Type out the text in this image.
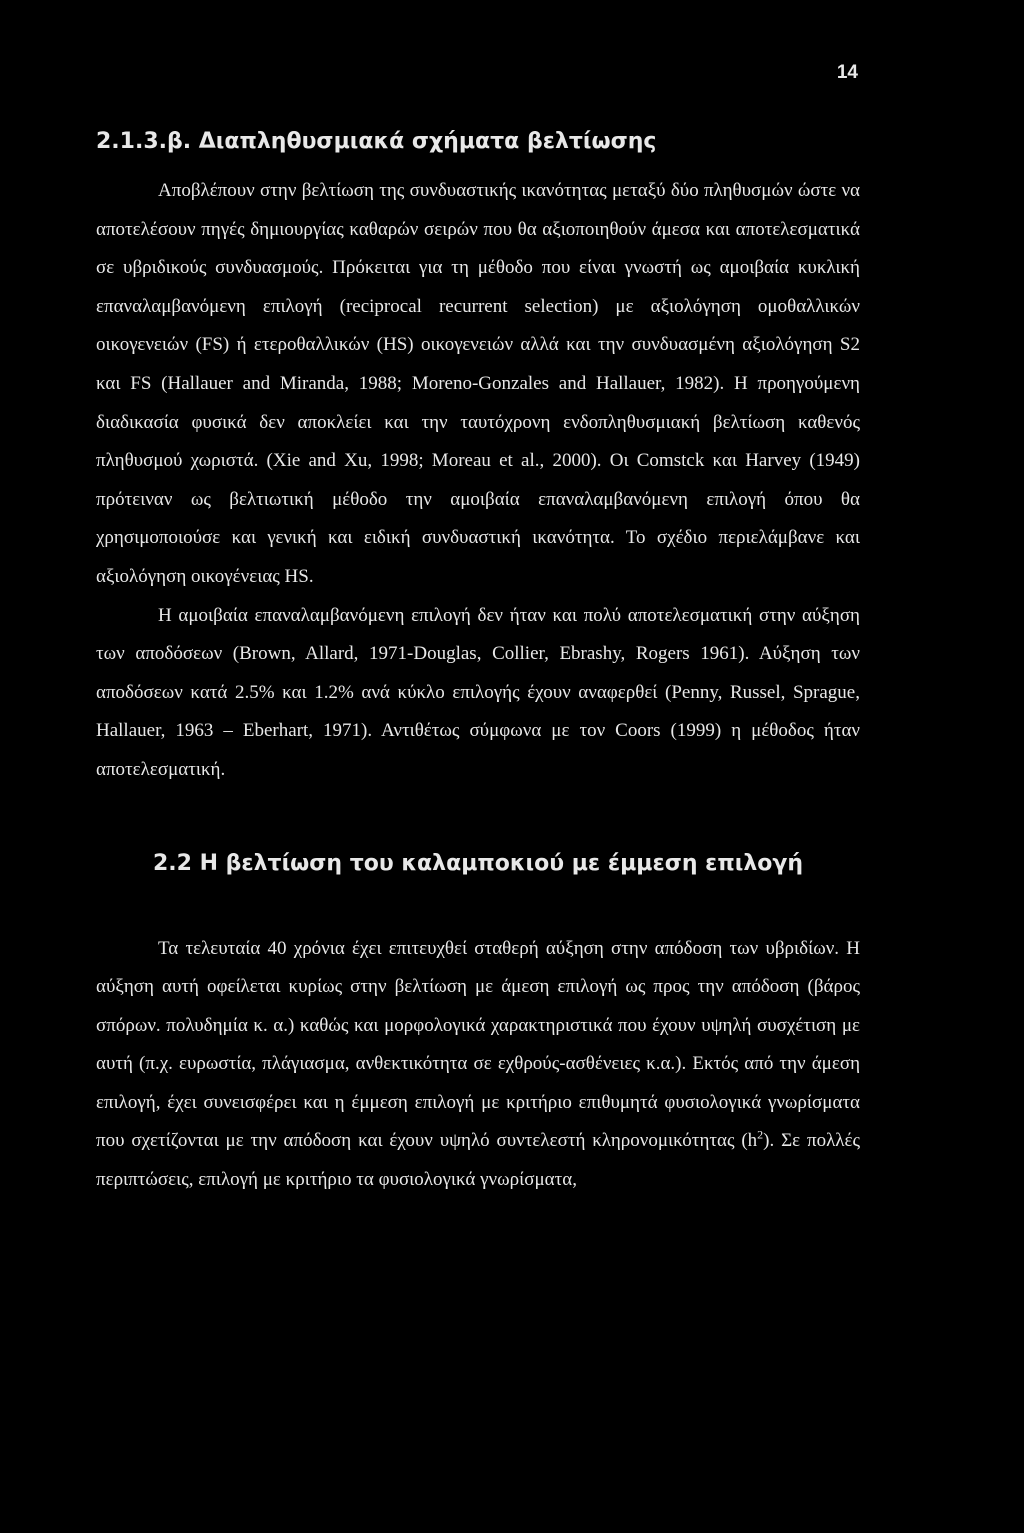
14
2.1.3.β. Διαπληθυσμιακά σχήματα βελτίωσης

Αποβλέπουν στην βελτίωση της συνδυαστικής ικανότητας μεταξύ δύο πληθυσμών ώστε να αποτελέσουν πηγές δημιουργίας καθαρών σειρών που θα αξιοποιηθούν άμεσα και αποτελεσματικά σε υβριδικούς συνδυασμούς. Πρόκειται για τη μέθοδο που είναι γνωστή ως αμοιβαία κυκλική επαναλαμβανόμενη επιλογή (reciprocal recurrent selection) με αξιολόγηση ομοθαλλικών οικογενειών (FS) ή ετεροθαλλικών (HS) οικογενειών αλλά και την συνδυασμένη αξιολόγηση S2 και FS (Hallauer and Miranda, 1988; Moreno-Gonzales and Hallauer, 1982). Η προηγούμενη διαδικασία φυσικά δεν αποκλείει και την ταυτόχρονη ενδοπληθυσμιακή βελτίωση καθενός πληθυσμού χωριστά. (Xie and Xu, 1998; Moreau et al., 2000). Οι Comstck και Harvey (1949) πρότειναν ως βελτιωτική μέθοδο την αμοιβαία επαναλαμβανόμενη επιλογή όπου θα χρησιμοποιούσε και γενική και ειδική συνδυαστική ικανότητα. Το σχέδιο περιελάμβανε και αξιολόγηση οικογένειας HS.

Η αμοιβαία επαναλαμβανόμενη επιλογή δεν ήταν και πολύ αποτελεσματική στην αύξηση των αποδόσεων (Brown, Allard, 1971-Douglas, Collier, Ebrashy, Rogers 1961). Αύξηση των αποδόσεων κατά 2.5% και 1.2% ανά κύκλο επιλογής έχουν αναφερθεί (Penny, Russel, Sprague, Hallauer, 1963 – Eberhart, 1971). Αντιθέτως σύμφωνα με τον Coors (1999) η μέθοδος ήταν αποτελεσματική.

2.2 Η βελτίωση του καλαμποκιού με έμμεση επιλογή

Τα τελευταία 40 χρόνια έχει επιτευχθεί σταθερή αύξηση στην απόδοση των υβριδίων. Η αύξηση αυτή οφείλεται κυρίως στην βελτίωση με άμεση επιλογή ως προς την απόδοση (βάρος σπόρων. πολυδημία κ. α.) καθώς και μορφολογικά χαρακτηριστικά που έχουν υψηλή συσχέτιση με αυτή (π.χ. ευρωστία, πλάγιασμα, ανθεκτικότητα σε εχθρούς-ασθένειες κ.α.). Εκτός από την άμεση επιλογή, έχει συνεισφέρει και η έμμεση επιλογή με κριτήριο επιθυμητά φυσιολογικά γνωρίσματα που σχετίζονται με την απόδοση και έχουν υψηλό συντελεστή κληρονομικότητας $(h^2)$. Σε πολλές περιπτώσεις, επιλογή με κριτήριο τα φυσιολογικά γνωρίσματα,
